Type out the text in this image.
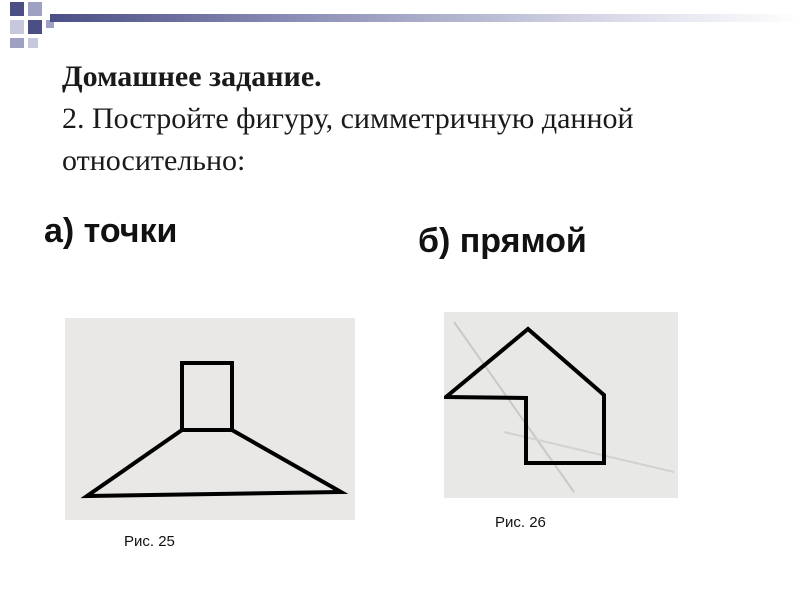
Домашнее задание.
2. Постройте фигуру, симметричную данной
относительно:
а) точки	б) прямой
Рис. 25
Рис. 26
